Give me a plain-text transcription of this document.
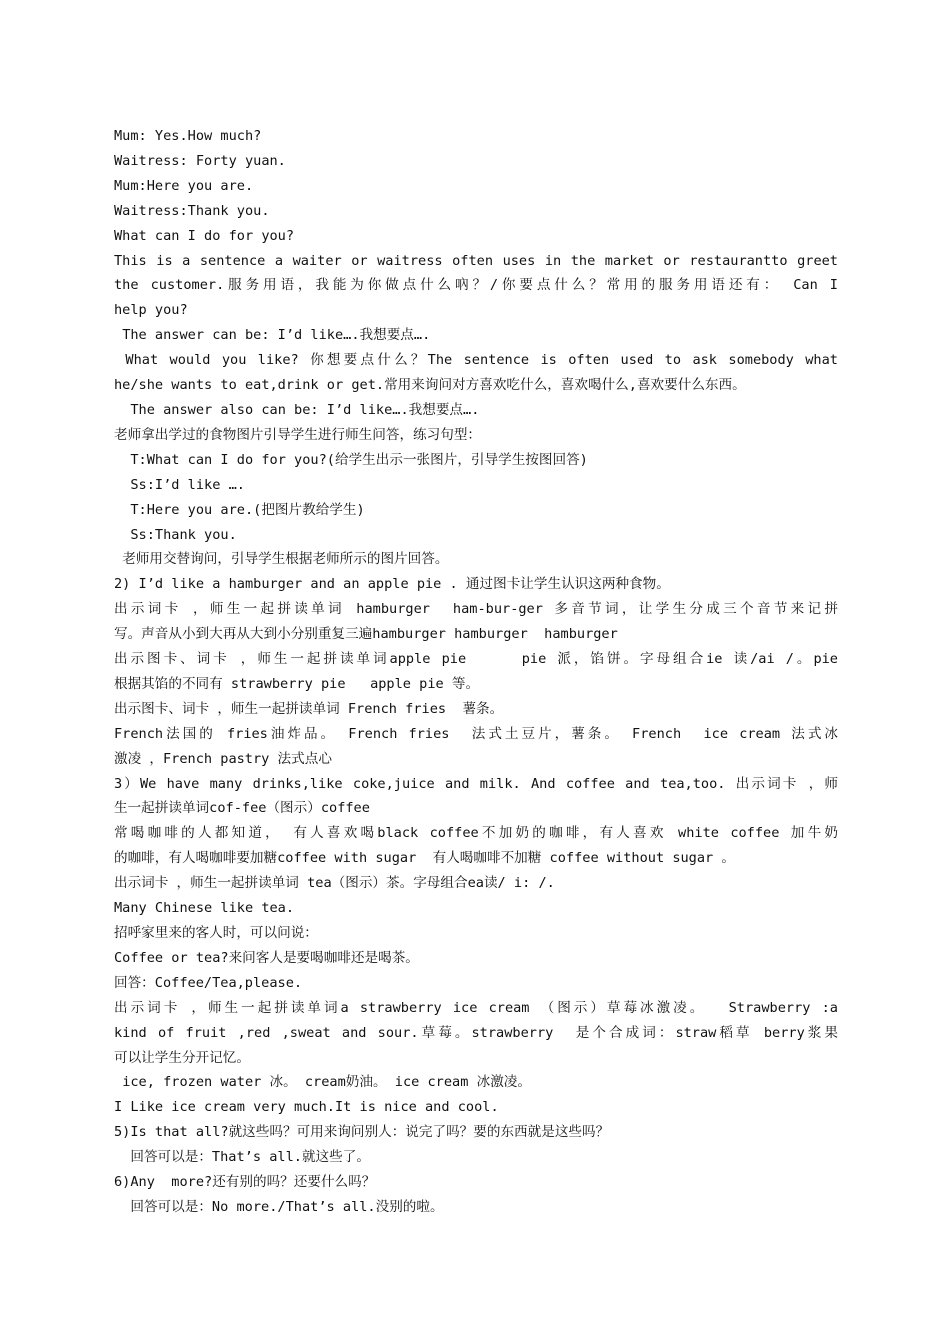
Mum: Yes.How much?

Waitress: Forty yuan.

Mum:Here you are.

Waitress:Thank you.

What can I do for you?

This is a sentence a waiter or waitress often uses in the market or restaurantto greet

the customer.服务用语，我能为你做点什么吶？/你要点什么？常用的服务用语还有： Can I

help you?

The answer can be: I’d like….我想要点….

What would you like? 你想要点什么？The sentence is often used to ask somebody what

he/she wants to eat,drink or get.常用来询问对方喜欢吃什么，喜欢喝什么,喜欢要什么东西。

The answer also can be: I’d like….我想要点….

老师拿出学过的食物图片引导学生进行师生问答，练习句型：

T:What can I do for you?(给学生出示一张图片，引导学生按图回答)

Ss:I’d like ….

T:Here you are.(把图片教给学生)

Ss:Thank you.

老师用交替询问，引导学生根据老师所示的图片回答。

2) I’d like a hamburger and an apple pie . 通过图卡让学生认识这两种食物。

出示词卡 ，师生一起拼读单词 hamburger  ham-bur-ger 多音节词，让学生分成三个音节来记拼

写。声音从小到大再从大到小分别重复三遍hamburger hamburger  hamburger

出示图卡、词卡 ，师生一起拼读单词apple pie     pie 派，馅饼。字母组合ie 读/ai /。pie

根据其馅的不同有 strawberry pie   apple pie 等。

出示图卡、词卡 ，师生一起拼读单词 French fries  薯条。

French法国的 fries油炸品。 French fries  法式土豆片，薯条。 French  ice cream 法式冰

激凌 ，French pastry 法式点心

3）We have many drinks,like coke,juice and milk. And coffee and tea,too. 出示词卡 ，师

生一起拼读单词cof-fee（图示）coffee

常喝咖啡的人都知道， 有人喜欢喝black coffee不加奶的咖啡，有人喜欢 white coffee 加牛奶

的咖啡，有人喝咖啡要加糖coffee with sugar  有人喝咖啡不加糖 coffee without sugar 。

出示词卡 ，师生一起拼读单词 tea（图示）茶。字母组合ea读/ i: /.

Many Chinese like tea.

招呼家里来的客人时，可以问说：

Coffee or tea?来问客人是要喝咖啡还是喝茶。

回答：Coffee/Tea,please.

出示词卡 ，师生一起拼读单词a strawberry ice cream （图示）草莓冰激凌。  Strawberry :a

kind of fruit ,red ,sweat and sour.草莓。strawberry  是个合成词：straw稻草 berry浆果

可以让学生分开记忆。

ice, frozen water 冰。 cream奶油。 ice cream 冰激凌。

I Like ice cream very much.It is nice and cool.

5)Is that all?就这些吗？可用来询问别人：说完了吗？要的东西就是这些吗？

回答可以是：That’s all.就这些了。

6)Any  more?还有别的吗？还要什么吗？

回答可以是：No more./That’s all.没别的啦。
